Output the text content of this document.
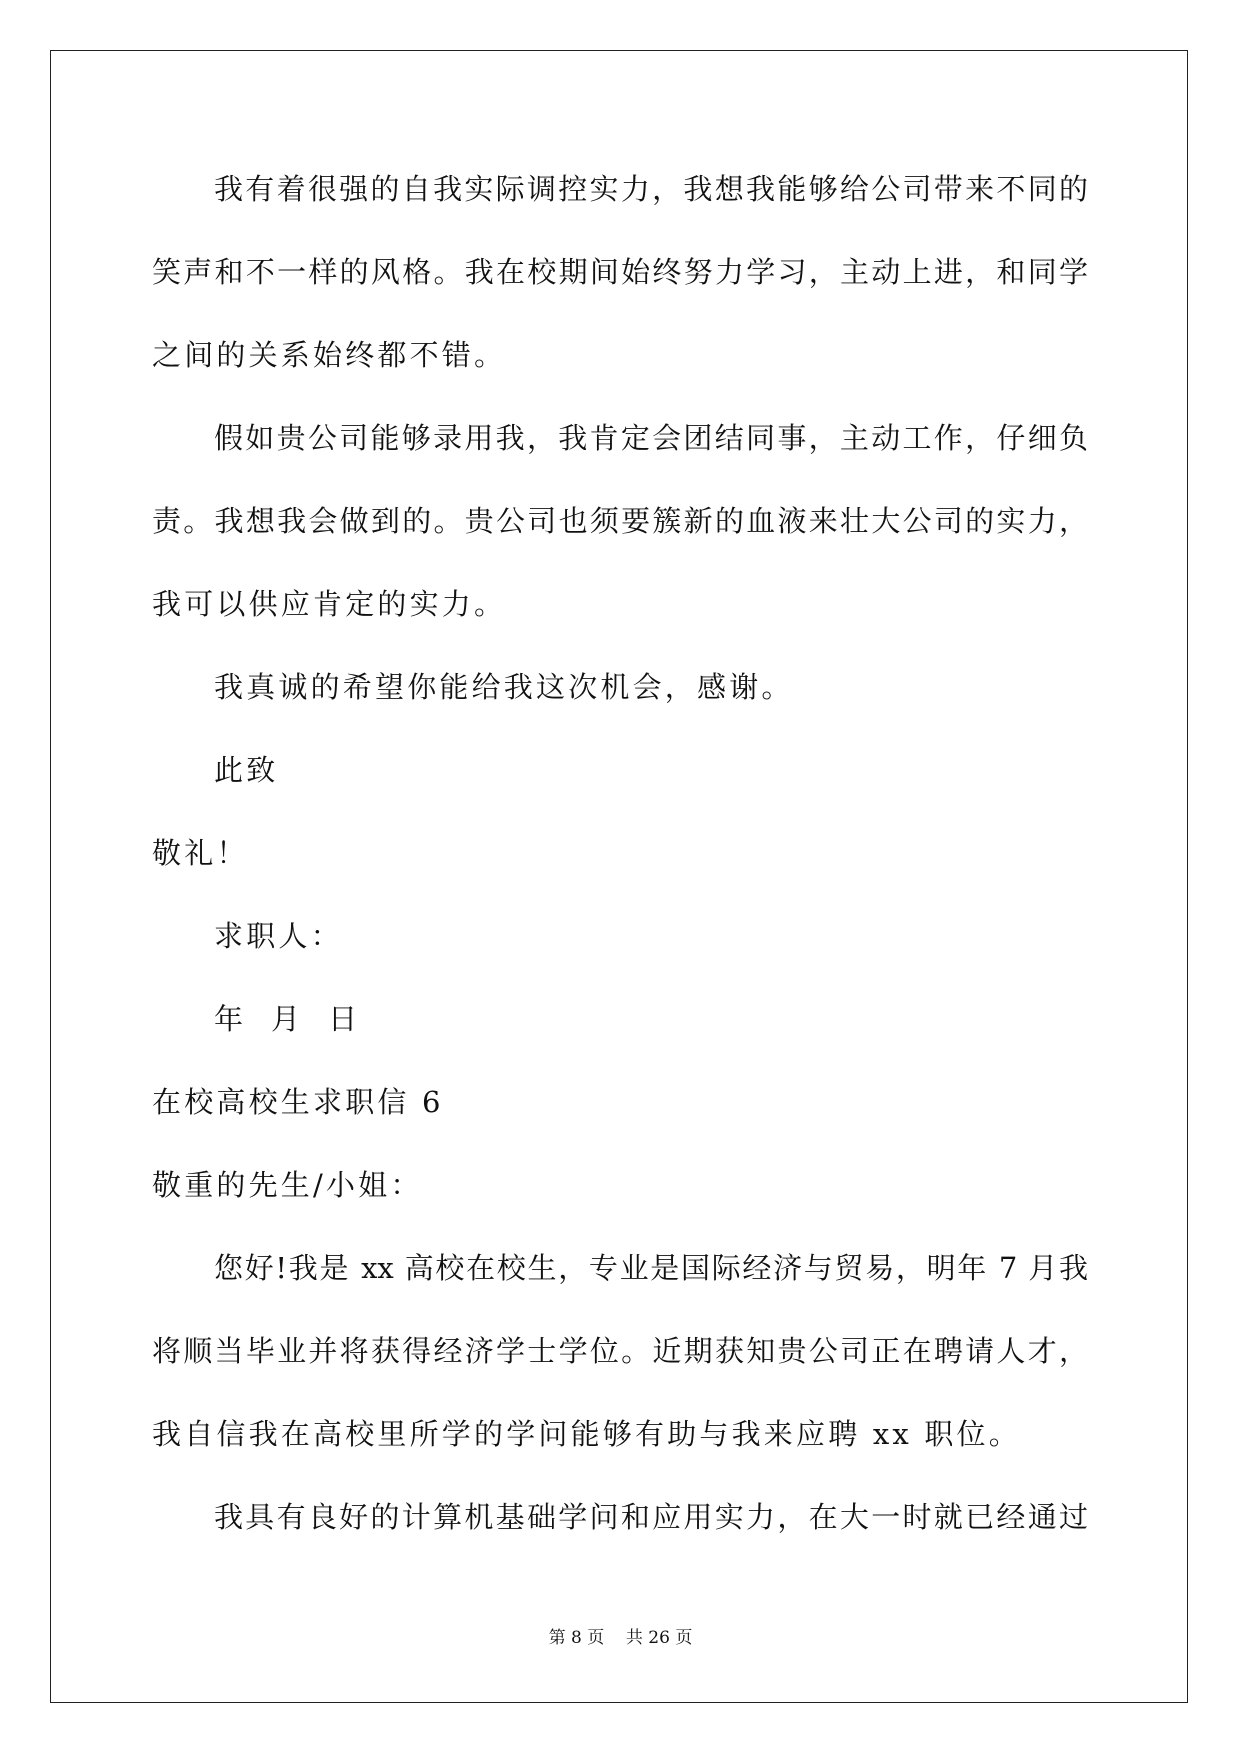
我有着很强的自我实际调控实力，我想我能够给公司带来不同的
笑声和不一样的风格。我在校期间始终努力学习，主动上进，和同学
之间的关系始终都不错。
假如贵公司能够录用我，我肯定会团结同事，主动工作，仔细负
责。我想我会做到的。贵公司也须要簇新的血液来壮大公司的实力，
我可以供应肯定的实力。
我真诚的希望你能给我这次机会，感谢。
此致
敬礼！
求职人：
年  月  日
在校高校生求职信 6
敬重的先生/小姐：
您好!我是 xx 高校在校生，专业是国际经济与贸易，明年 7 月我
将顺当毕业并将获得经济学士学位。近期获知贵公司正在聘请人才，
我自信我在高校里所学的学问能够有助与我来应聘 xx 职位。
我具有良好的计算机基础学问和应用实力，在大一时就已经通过
第 8 页    共 26 页
